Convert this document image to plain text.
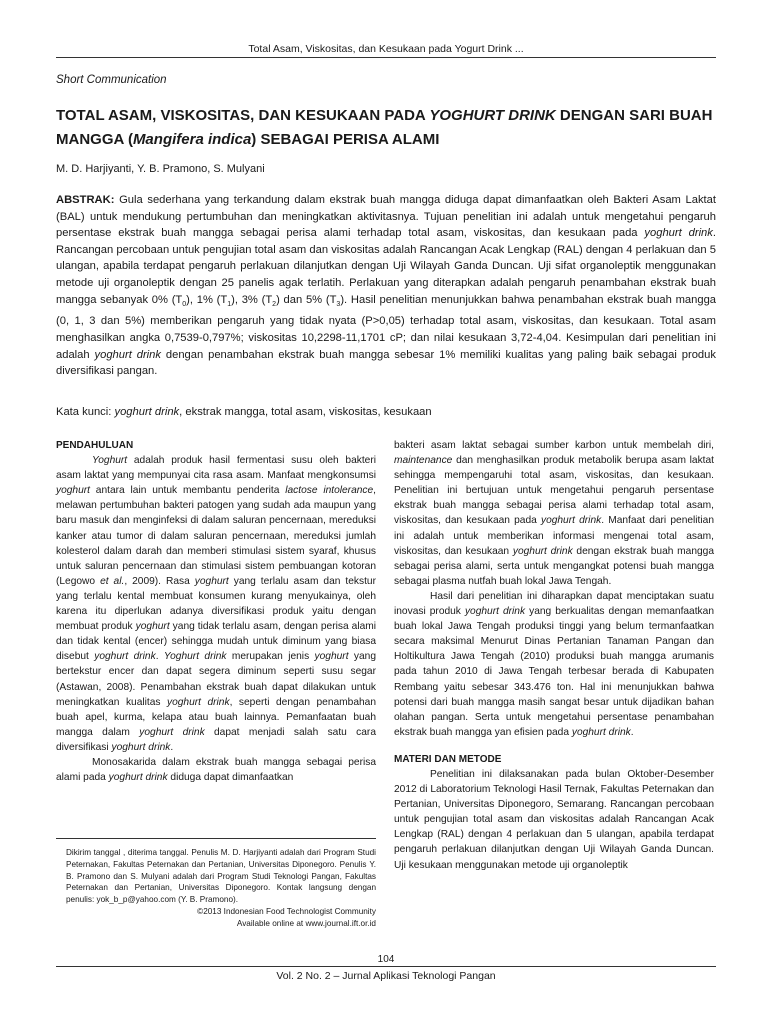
Total Asam, Viskositas, dan Kesukaan pada Yogurt Drink ...
Short Communication
TOTAL ASAM, VISKOSITAS, DAN KESUKAAN PADA YOGHURT DRINK DENGAN SARI BUAH MANGGA (Mangifera indica) SEBAGAI PERISA ALAMI
M. D. Harjiyanti, Y. B. Pramono, S. Mulyani
ABSTRAK: Gula sederhana yang terkandung dalam ekstrak buah mangga diduga dapat dimanfaatkan oleh Bakteri Asam Laktat (BAL) untuk mendukung pertumbuhan dan meningkatkan aktivitasnya. Tujuan penelitian ini adalah untuk mengetahui pengaruh persentase ekstrak buah mangga sebagai perisa alami terhadap total asam, viskositas, dan kesukaan pada yoghurt drink. Rancangan percobaan untuk pengujian total asam dan viskositas adalah Rancangan Acak Lengkap (RAL) dengan 4 perlakuan dan 5 ulangan, apabila terdapat pengaruh perlakuan dilanjutkan dengan Uji Wilayah Ganda Duncan. Uji sifat organoleptik menggunakan metode uji organoleptik dengan 25 panelis agak terlatih. Perlakuan yang diterapkan adalah pengaruh penambahan ekstrak buah mangga sebanyak 0% $(T_0)$, 1% $(T_1)$, 3% $(T_2)$ dan 5% $(T_3)$. Hasil penelitian menunjukkan bahwa penambahan ekstrak buah mangga (0, 1, 3 dan 5%) memberikan pengaruh yang tidak nyata (P>0,05) terhadap total asam, viskositas, dan kesukaan. Total asam menghasilkan angka 0,7539-0,797%; viskositas 10,2298-11,1701 cP; dan nilai kesukaan 3,72-4,04. Kesimpulan dari penelitian ini adalah yoghurt drink dengan penambahan ekstrak buah mangga sebesar 1% memiliki kualitas yang paling baik sebagai produk diversifikasi pangan.
Kata kunci: yoghurt drink, ekstrak mangga, total asam, viskositas, kesukaan

PENDAHULUAN

Yoghurt adalah produk hasil fermentasi susu oleh bakteri asam laktat yang mempunyai cita rasa asam. Manfaat mengkonsumsi yoghurt antara lain untuk membantu penderita lactose intolerance, melawan pertumbuhan bakteri patogen yang sudah ada maupun yang baru masuk dan menginfeksi di dalam saluran pencernaan, mereduksi kanker atau tumor di dalam saluran pencernaan, mereduksi jumlah kolesterol dalam darah dan memberi stimulasi sistem syaraf, khusus untuk saluran pencernaan dan stimulasi sistem pembuangan kotoran (Legowo et al., 2009). Rasa yoghurt yang terlalu asam dan tekstur yang terlalu kental membuat konsumen kurang menyukainya, oleh karena itu diperlukan adanya diversifikasi produk yaitu dengan membuat produk yoghurt yang tidak terlalu asam, dengan perisa alami dan tidak kental (encer) sehingga mudah untuk diminum yang biasa disebut yoghurt drink. Yoghurt drink merupakan jenis yoghurt yang bertekstur encer dan dapat segera diminum seperti susu segar (Astawan, 2008). Penambahan ekstrak buah dapat dilakukan untuk meningkatkan kualitas yoghurt drink, seperti dengan penambahan buah apel, kurma, kelapa atau buah lainnya. Pemanfaatan buah mangga dalam yoghurt drink dapat menjadi salah satu cara diversifikasi yoghurt drink.

Monosakarida dalam ekstrak buah mangga sebagai perisa alami pada yoghurt drink diduga dapat dimanfaatkan

Dikirim tanggal , diterima tanggal. Penulis M. D. Harjiyanti adalah dari Program Studi Peternakan, Fakultas Peternakan dan Pertanian, Universitas Diponegoro. Penulis Y. B. Pramono dan S. Mulyani adalah dari Program Studi Teknologi Pangan, Fakultas Peternakan dan Pertanian, Universitas Diponegoro. Kontak langsung dengan penulis: yok_b_p@yahoo.com (Y. B. Pramono).
©2013 Indonesian Food Technologist Community
Available online at www.journal.ift.or.id

bakteri asam laktat sebagai sumber karbon untuk membelah diri, maintenance dan menghasilkan produk metabolik berupa asam laktat sehingga mempengaruhi total asam, viskositas, dan kesukaan. Penelitian ini bertujuan untuk mengetahui pengaruh persentase ekstrak buah mangga sebagai perisa alami terhadap total asam, viskositas, dan kesukaan pada yoghurt drink. Manfaat dari penelitian ini adalah untuk memberikan informasi mengenai total asam, viskositas, dan kesukaan yoghurt drink dengan ekstrak buah mangga sebagai perisa alami, serta untuk mengangkat potensi buah mangga sebagai plasma nutfah buah lokal Jawa Tengah.

Hasil dari penelitian ini diharapkan dapat menciptakan suatu inovasi produk yoghurt drink yang berkualitas dengan memanfaatkan buah lokal Jawa Tengah produksi tinggi yang belum termanfaatkan secara maksimal Menurut Dinas Pertanian Tanaman Pangan dan Holtikultura Jawa Tengah (2010) produksi buah mangga arumanis pada tahun 2010 di Jawa Tengah terbesar berada di Kabupaten Rembang yaitu sebesar 343.476 ton. Hal ini menunjukkan bahwa potensi dari buah mangga masih sangat besar untuk dijadikan bahan olahan pangan. Serta untuk mengetahui persentase penambahan ekstrak buah mangga yan efisien pada yoghurt drink.

MATERI DAN METODE

Penelitian ini dilaksanakan pada bulan Oktober-Desember 2012 di Laboratorium Teknologi Hasil Ternak, Fakultas Peternakan dan Pertanian, Universitas Diponegoro, Semarang. Rancangan percobaan untuk pengujian total asam dan viskositas adalah Rancangan Acak Lengkap (RAL) dengan 4 perlakuan dan 5 ulangan, apabila terdapat pengaruh perlakuan dilanjutkan dengan Uji Wilayah Ganda Duncan. Uji kesukaan menggunakan metode uji organoleptik

104
Vol. 2 No. 2 – Jurnal Aplikasi Teknologi Pangan
